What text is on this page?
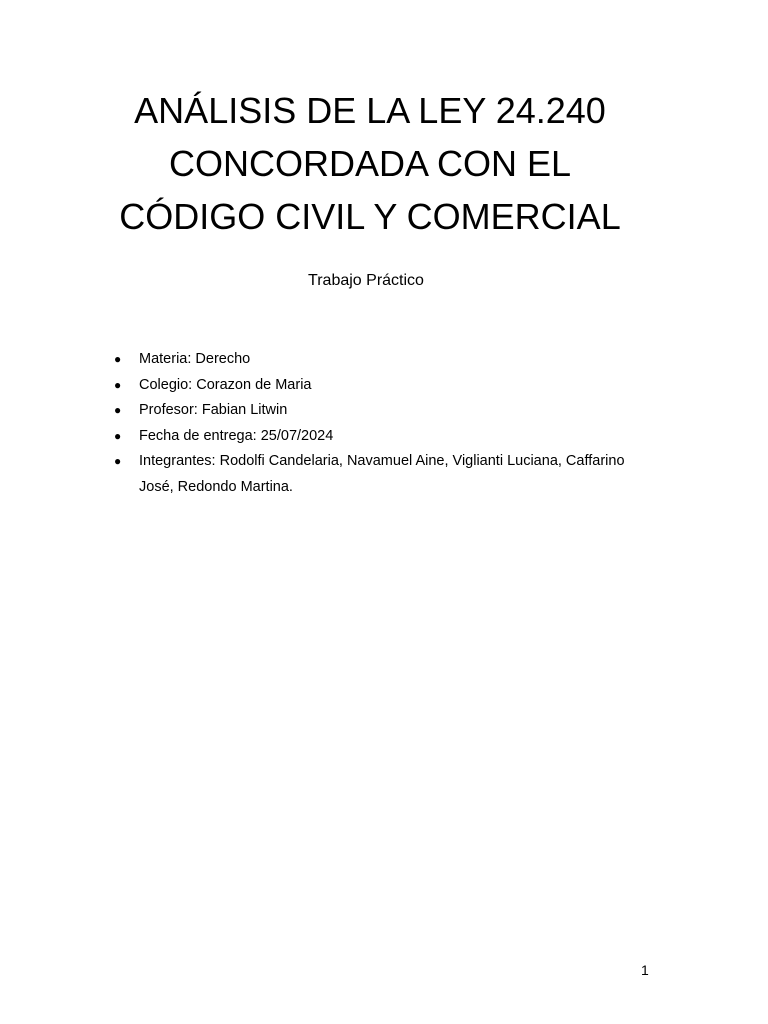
ANÁLISIS DE LA LEY 24.240
CONCORDADA CON EL
CÓDIGO CIVIL Y COMERCIAL
Trabajo Práctico
● Materia: Derecho
● Colegio: Corazon de Maria
● Profesor: Fabian Litwin
● Fecha de entrega: 25/07/2024
● Integrantes: Rodolfi Candelaria, Navamuel Aine, Viglianti Luciana, Caffarino José, Redondo Martina.
1
